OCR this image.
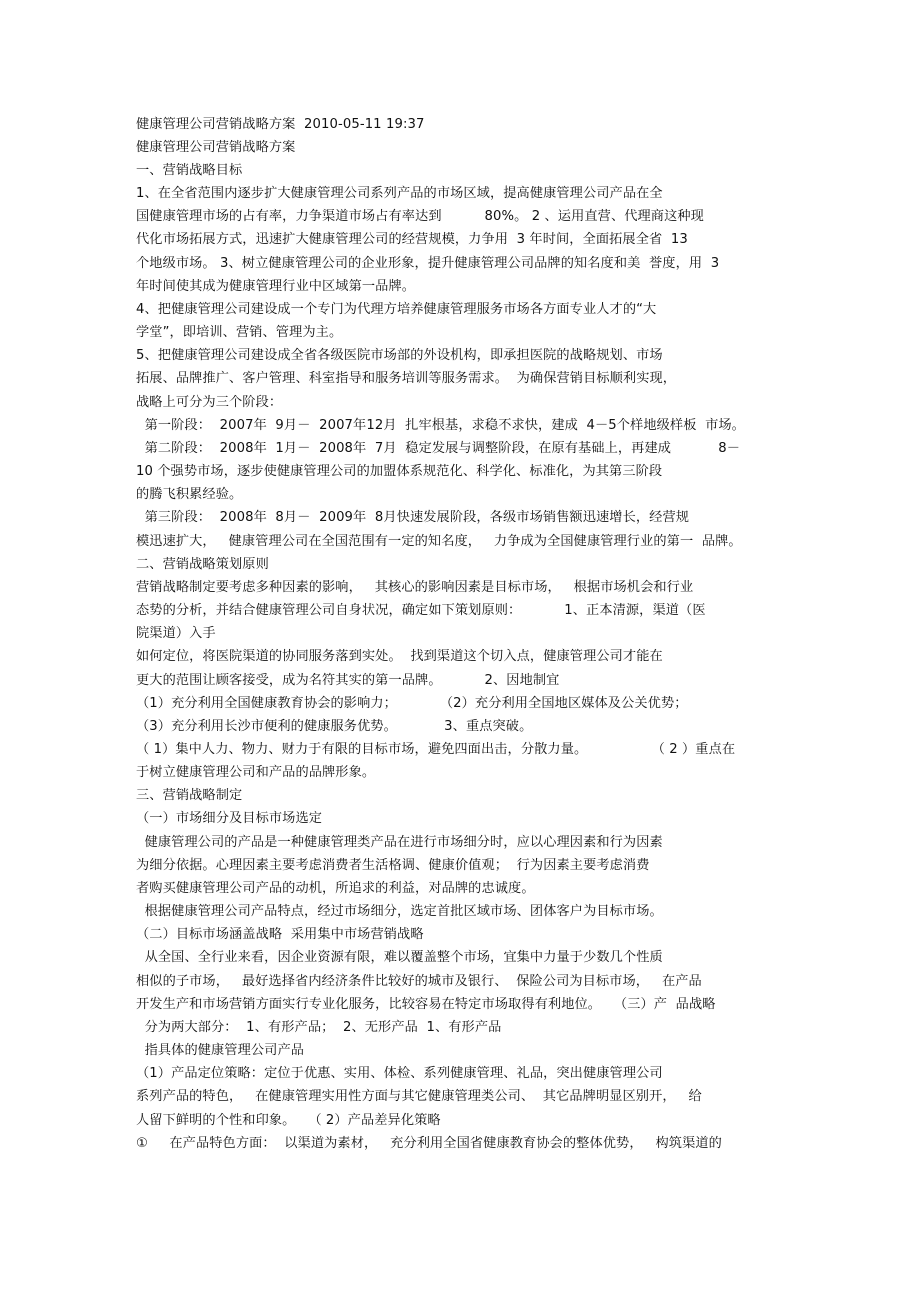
健康管理公司营销战略方案  2010-05-11 19:37
健康管理公司营销战略方案
一、营销战略目标
1、在全省范围内逐步扩大健康管理公司系列产品的市场区域，提高健康管理公司产品在全
国健康管理市场的占有率，力争渠道市场占有率达到          80%。 2 、运用直营、代理商这种现
代化市场拓展方式，迅速扩大健康管理公司的经营规模，力争用  3 年时间，全面拓展全省  13
个地级市场。 3、树立健康管理公司的企业形象，提升健康管理公司品牌的知名度和美  誉度，用  3
年时间使其成为健康管理行业中区域第一品牌。
4、把健康管理公司建设成一个专门为代理方培养健康管理服务市场各方面专业人才的“大
学堂”，即培训、营销、管理为主。
5、把健康管理公司建设成全省各级医院市场部的外设机构，即承担医院的战略规划、市场
拓展、品牌推广、客户管理、科室指导和服务培训等服务需求。  为确保营销目标顺利实现，
战略上可分为三个阶段：
第一阶段：  2007年  9月－  2007年12月  扎牢根基，求稳不求快，建成  4－5个样地级样板  市场。
第二阶段：  2008年  1月－  2008年  7月  稳定发展与调整阶段，在原有基础上，再建成           8－
10 个强势市场，逐步使健康管理公司的加盟体系规范化、科学化、标准化，为其第三阶段
的腾飞积累经验。
第三阶段：  2008年  8月－  2009年  8月快速发展阶段，各级市场销售额迅速增长，经营规
模迅速扩大，   健康管理公司在全国范围有一定的知名度，   力争成为全国健康管理行业的第一  品牌。
二、营销战略策划原则
营销战略制定要考虑多种因素的影响，   其核心的影响因素是目标市场，   根据市场机会和行业
态势的分析，并结合健康管理公司自身状况，确定如下策划原则：          1、正本清源，渠道（医
院渠道）入手
如何定位，将医院渠道的协同服务落到实处。  找到渠道这个切入点，健康管理公司才能在
更大的范围让顾客接受，成为名符其实的第一品牌。          2、因地制宜
（1）充分利用全国健康教育协会的影响力；          （2）充分利用全国地区媒体及公关优势；
（3）充分利用长沙市便利的健康服务优势。           3、重点突破。
（ 1）集中人力、物力、财力于有限的目标市场，避免四面出击，分散力量。               （ 2 ）重点在
于树立健康管理公司和产品的品牌形象。
三、营销战略制定
（一）市场细分及目标市场选定
健康管理公司的产品是一种健康管理类产品在进行市场细分时，应以心理因素和行为因素
为细分依据。心理因素主要考虑消费者生活格调、健康价值观；  行为因素主要考虑消费
者购买健康管理公司产品的动机，所追求的利益，对品牌的忠诚度。
根据健康管理公司产品特点，经过市场细分，选定首批区域市场、团体客户为目标市场。
（二）目标市场涵盖战略  采用集中市场营销战略
从全国、全行业来看，因企业资源有限，难以覆盖整个市场，宜集中力量于少数几个性质
相似的子市场，   最好选择省内经济条件比较好的城市及银行、  保险公司为目标市场，   在产品
开发生产和市场营销方面实行专业化服务，比较容易在特定市场取得有利地位。   （三）产  品战略
分为两大部分：  1、有形产品；  2、无形产品  1、有形产品
指具体的健康管理公司产品
（1）产品定位策略：定位于优惠、实用、体检、系列健康管理、礼品，突出健康管理公司
系列产品的特色，   在健康管理实用性方面与其它健康管理类公司、  其它品牌明显区别开，   给
人留下鲜明的个性和印象。   （ 2）产品差异化策略
①     在产品特色方面：  以渠道为素材，   充分利用全国省健康教育协会的整体优势，   构筑渠道的
